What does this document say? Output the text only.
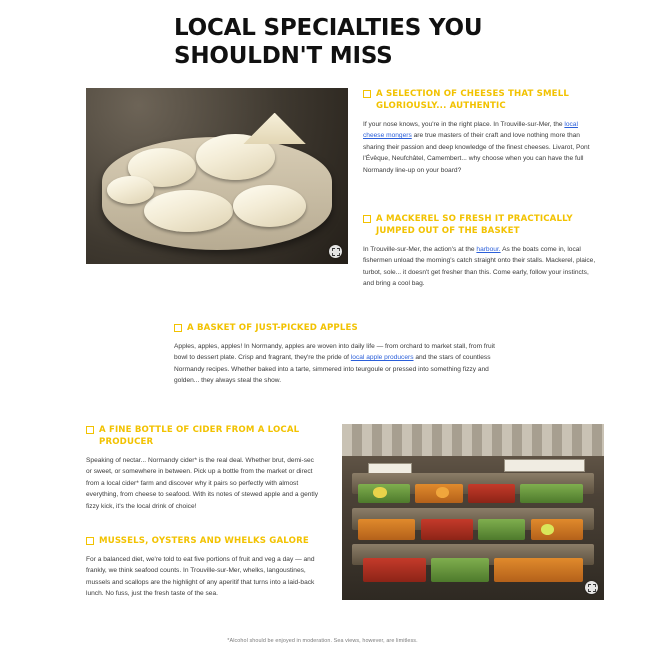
LOCAL SPECIALTIES YOU SHOULDN'T MISS
A SELECTION OF CHEESES THAT SMELL GLORIOUSLY... AUTHENTIC

If your nose knows, you're in the right place. In Trouville-sur-Mer, the local cheese mongers are true masters of their craft and love nothing more than sharing their passion and deep knowledge of the finest cheeses. Livarot, Pont l'Évêque, Neufchâtel, Camembert... why choose when you can have the full Normandy line-up on your board?

A MACKEREL SO FRESH IT PRACTICALLY JUMPED OUT OF THE BASKET

In Trouville-sur-Mer, the action's at the harbour. As the boats come in, local fishermen unload the morning's catch straight onto their stalls. Mackerel, plaice, turbot, sole... it doesn't get fresher than this. Come early, follow your instincts, and bring a cool bag.

A BASKET OF JUST-PICKED APPLES

Apples, apples, apples! In Normandy, apples are woven into daily life — from orchard to market stall, from fruit bowl to dessert plate. Crisp and fragrant, they're the pride of local apple producers and the stars of countless Normandy recipes. Whether baked into a tarte, simmered into teurgoule or pressed into something fizzy and golden... they always steal the show.

A FINE BOTTLE OF CIDER FROM A LOCAL PRODUCER

Speaking of nectar... Normandy cider* is the real deal. Whether brut, demi-sec or sweet, or somewhere in between. Pick up a bottle from the market or direct from a local cider* farm and discover why it pairs so perfectly with almost everything, from cheese to seafood. With its notes of stewed apple and a gently fizzy kick, it's the local drink of choice!

MUSSELS, OYSTERS AND WHELKS GALORE

For a balanced diet, we're told to eat five portions of fruit and veg a day — and frankly, we think seafood counts. In Trouville-sur-Mer, whelks, langoustines, mussels and scallops are the highlight of any aperitif that turns into a laid-back lunch. No fuss, just the fresh taste of the sea.

*Alcohol should be enjoyed in moderation. Sea views, however, are limitless.
